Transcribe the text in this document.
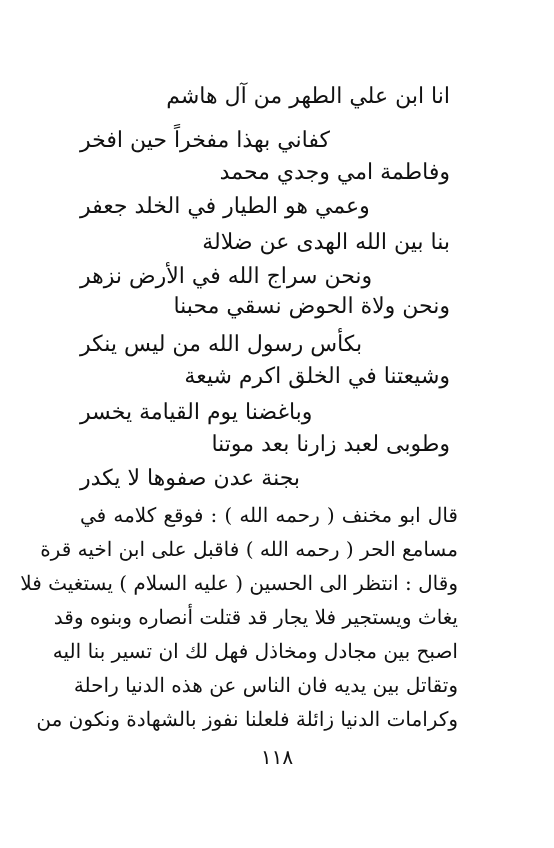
انا ابن علي الطهر من آل هاشم
كفاني بهذا مفخراً حين افخر
وفاطمة امي وجدي محمد
وعمي هو الطيار في الخلد جعفر
بنا بين الله الهدى عن ضلالة
ونحن سراج الله في الأرض نزهر
ونحن ولاة الحوض نسقي محبنا
بكأس رسول الله من ليس ينكر
وشيعتنا في الخلق اكرم شيعة
وباغضنا يوم القيامة يخسر
وطوبى لعبد زارنا بعد موتنا
بجنة عدن صفوها لا يكدر
قال ابو مخنف ( رحمه الله ) : فوقع كلامه في
مسامع الحر ( رحمه الله ) فاقبل على ابن اخيه قرة
وقال : انتظر الى الحسين ( عليه السلام ) يستغيث فلا
يغاث ويستجير فلا يجار قد قتلت أنصاره وبنوه وقد
اصبح بين مجادل ومخاذل فهل لك ان تسير بنا اليه
وتقاتل بين يديه فان الناس عن هذه الدنيا راحلة
وكرامات الدنيا زائلة فلعلنا نفوز بالشهادة ونكون من
١١٨
